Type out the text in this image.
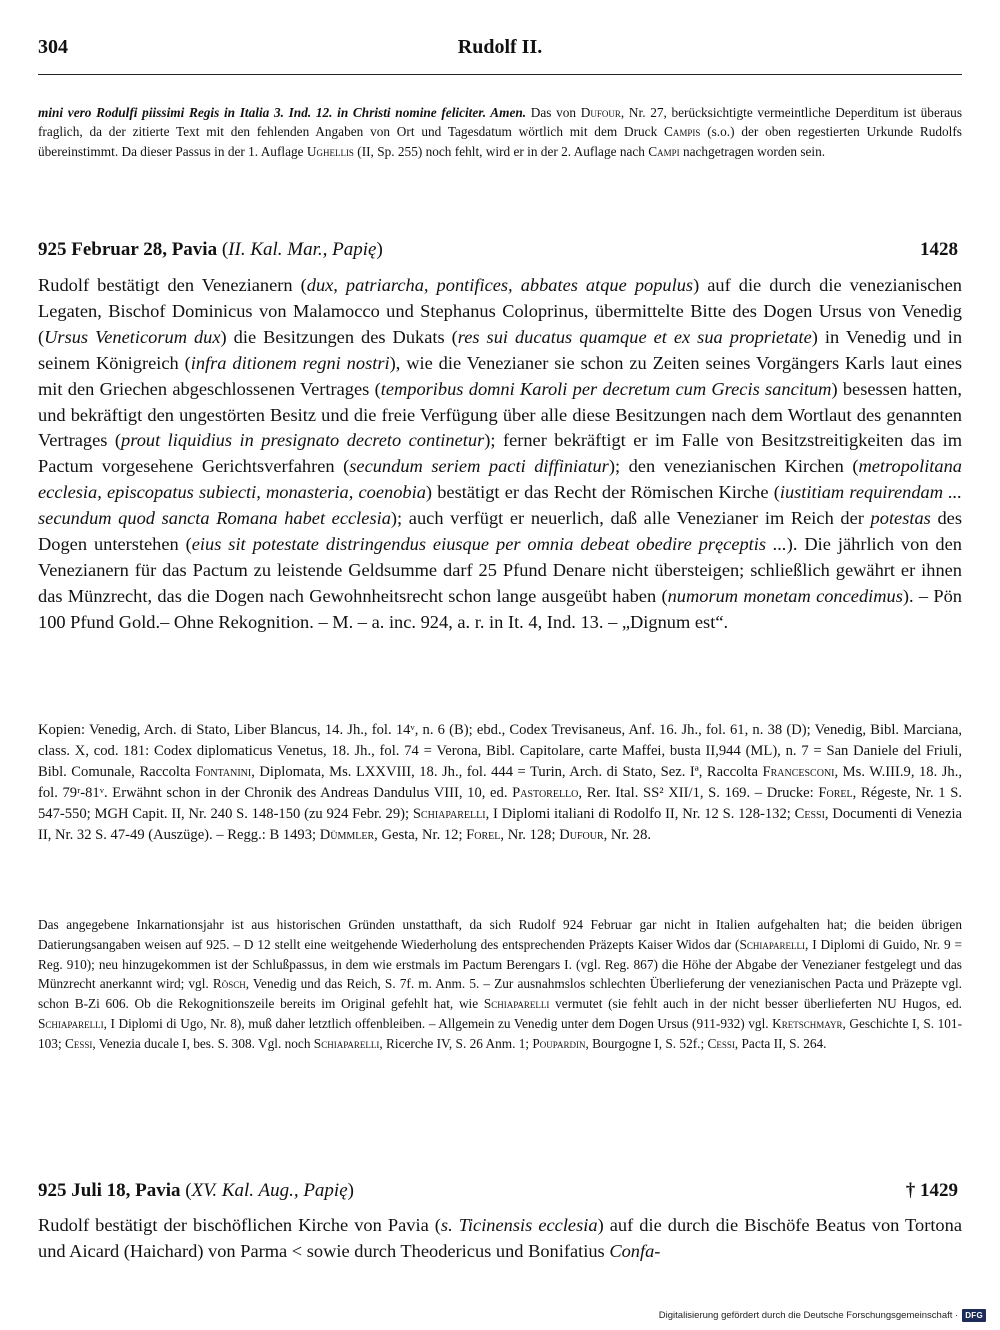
304	Rudolf II.
mini vero Rodulfi piissimi Regis in Italia 3. Ind. 12. in Christi nomine feliciter. Amen. Das von Dufour, Nr. 27, berücksichtigte vermeintliche Deperditum ist überaus fraglich, da der zitierte Text mit den fehlenden Angaben von Ort und Tagesdatum wörtlich mit dem Druck Campis (s.o.) der oben regestierten Urkunde Rudolfs übereinstimmt. Da dieser Passus in der 1. Auflage Ughellis (II, Sp. 255) noch fehlt, wird er in der 2. Auflage nach Campi nachgetragen worden sein.
925 Februar 28, Pavia (II. Kal. Mar., Papię)	1428
Rudolf bestätigt den Venezianern (dux, patriarcha, pontifices, abbates atque populus) auf die durch die venezianischen Legaten, Bischof Dominicus von Malamocco und Stephanus Coloprinus, übermittelte Bitte des Dogen Ursus von Venedig (Ursus Veneticorum dux) die Besitzungen des Dukats (res sui ducatus quamque et ex sua proprietate) in Venedig und in seinem Königreich (infra ditionem regni nostri), wie die Venezianer sie schon zu Zeiten seines Vorgängers Karls laut eines mit den Griechen abgeschlossenen Vertrages (temporibus domni Karoli per decretum cum Grecis sancitum) besessen hatten, und bekräftigt den ungestörten Besitz und die freie Verfügung über alle diese Besitzungen nach dem Wortlaut des genannten Vertrages (prout liquidius in presignato decreto continetur); ferner bekräftigt er im Falle von Besitzstreitigkeiten das im Pactum vorgesehene Gerichtsverfahren (secundum seriem pacti diffiniatur); den venezianischen Kirchen (metropolitana ecclesia, episcopatus subiecti, monasteria, coenobia) bestätigt er das Recht der Römischen Kirche (iustitiam requirendam ... secundum quod sancta Romana habet ecclesia); auch verfügt er neuerlich, daß alle Venezianer im Reich der potestas des Dogen unterstehen (eius sit potestate distringendus eiusque per omnia debeat obedire pręceptis ...). Die jährlich von den Venezianern für das Pactum zu leistende Geldsumme darf 25 Pfund Denare nicht übersteigen; schließlich gewährt er ihnen das Münzrecht, das die Dogen nach Gewohnheitsrecht schon lange ausgeübt haben (numorum monetam concedimus). – Pön 100 Pfund Gold.– Ohne Rekognition. – M. – a. inc. 924, a. r. in It. 4, Ind. 13. – „Dignum est“.
Kopien: Venedig, Arch. di Stato, Liber Blancus, 14. Jh., fol. 14ᵛ, n. 6 (B); ebd., Codex Trevisaneus, Anf. 16. Jh., fol. 61, n. 38 (D); Venedig, Bibl. Marciana, class. X, cod. 181: Codex diplomaticus Venetus, 18. Jh., fol. 74 = Verona, Bibl. Capitolare, carte Maffei, busta II,944 (ML), n. 7 = San Daniele del Friuli, Bibl. Comunale, Raccolta Fontanini, Diplomata, Ms. LXXVIII, 18. Jh., fol. 444 = Turin, Arch. di Stato, Sez. Iª, Raccolta Francesconi, Ms. W.III.9, 18. Jh., fol. 79ʳ-81ᵛ. Erwähnt schon in der Chronik des Andreas Dandulus VIII, 10, ed. Pastorello, Rer. Ital. SS² XII/1, S. 169. – Drucke: Forel, Régeste, Nr. 1 S. 547-550; MGH Capit. II, Nr. 240 S. 148-150 (zu 924 Febr. 29); Schiaparelli, I Diplomi italiani di Rodolfo II, Nr. 12 S. 128-132; Cessi, Documenti di Venezia II, Nr. 32 S. 47-49 (Auszüge). – Regg.: B 1493; Dümmler, Gesta, Nr. 12; Forel, Nr. 128; Dufour, Nr. 28.
Das angegebene Inkarnationsjahr ist aus historischen Gründen unstatthaft, da sich Rudolf 924 Februar gar nicht in Italien aufgehalten hat; die beiden übrigen Datierungsangaben weisen auf 925. – D 12 stellt eine weitgehende Wiederholung des entsprechenden Präzepts Kaiser Widos dar (Schiaparelli, I Diplomi di Guido, Nr. 9 = Reg. 910); neu hinzugekommen ist der Schlußpassus, in dem wie erstmals im Pactum Berengars I. (vgl. Reg. 867) die Höhe der Abgabe der Venezianer festgelegt und das Münzrecht anerkannt wird; vgl. Rösch, Venedig und das Reich, S. 7f. m. Anm. 5. – Zur ausnahmslos schlechten Überlieferung der venezianischen Pacta und Präzepte vgl. schon B-Zi 606. Ob die Rekognitionszeile bereits im Original gefehlt hat, wie Schiaparelli vermutet (sie fehlt auch in der nicht besser überlieferten NU Hugos, ed. Schiaparelli, I Diplomi di Ugo, Nr. 8), muß daher letztlich offenbleiben. – Allgemein zu Venedig unter dem Dogen Ursus (911-932) vgl. Kretschmayr, Geschichte I, S. 101-103; Cessi, Venezia ducale I, bes. S. 308. Vgl. noch Schiaparelli, Ricerche IV, S. 26 Anm. 1; Poupardin, Bourgogne I, S. 52f.; Cessi, Pacta II, S. 264.
925 Juli 18, Pavia (XV. Kal. Aug., Papię)	† 1429
Rudolf bestätigt der bischöflichen Kirche von Pavia (s. Ticinensis ecclesia) auf die durch die Bischöfe Beatus von Tortona und Aicard (Haichard) von Parma < sowie durch Theodericus und Bonifatius Confa-
Digitalisierung gefördert durch die Deutsche Forschungsgemeinschaft · DFG
